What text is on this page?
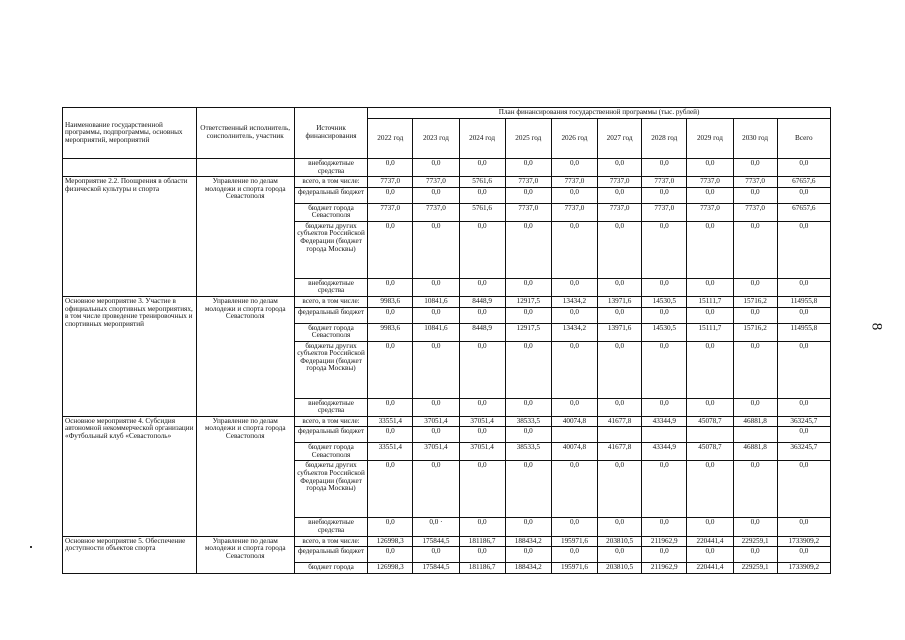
8
Наименование государственной программы, подпрограммы, основных мероприятий, мероприятий	Ответственный исполнитель, соисполнитель, участник	Источник финансирования	План финансирования государственной программы (тыс. рублей)									
			2022 год	2023 год	2024 год	2025 год	2026 год	2027 год	2028 год	2029 год	2030 год	Всего
		внебюджетные средства	0,0	0,0	0,0	0,0	0,0	0,0	0,0	0,0	0,0	0,0
Мероприятие 2.2. Поощрения в области физической культуры и спорта	Управление по делам молодежи и спорта города Севастополя	всего, в том числе:	7737,0	7737,0	5761,6	7737,0	7737,0	7737,0	7737,0	7737,0	7737,0	67657,6
		федеральный бюджет	0,0	0,0	0,0	0,0	0,0	0,0	0,0	0,0	0,0	0,0
		бюджет города Севастополя	7737,0	7737,0	5761,6	7737,0	7737,0	7737,0	7737,0	7737,0	7737,0	67657,6
		бюджеты других субъектов Российской Федерации (бюджет города Москвы)	0,0	0,0	0,0	0,0	0,0	0,0	0,0	0,0	0,0	0,0
		внебюджетные средства	0,0	0,0	0,0	0,0	0,0	0,0	0,0	0,0	0,0	0,0
Основное мероприятие 3. Участие в официальных спортивных мероприятиях, в том числе проведение тренировочных и спортивных мероприятий	Управление по делам молодежи и спорта города Севастополя	всего, в том числе:	9983,6	10841,6	8448,9	12917,5	13434,2	13971,6	14530,5	15111,7	15716,2	114955,8
		федеральный бюджет	0,0	0,0	0,0	0,0	0,0	0,0	0,0	0,0	0,0	0,0
		бюджет города Севастополя	9983,6	10841,6	8448,9	12917,5	13434,2	13971,6	14530,5	15111,7	15716,2	114955,8
		бюджеты других субъектов Российской Федерации (бюджет города Москвы)	0,0	0,0	0,0	0,0	0,0	0,0	0,0	0,0	0,0	0,0
		внебюджетные средства	0,0	0,0	0,0	0,0	0,0	0,0	0,0	0,0	0,0	0,0
Основное мероприятие 4. Субсидия автономной некоммерческой организации «Футбольный клуб «Севастополь»	Управление по делам молодежи и спорта города Севастополя	всего, в том числе:	33551,4	37051,4	37051,4	38533,5	40074,8	41677,8	43344,9	45078,7	46881,8	363245,7
		федеральный бюджет	0,0	0,0	0,0	0,0						0,0
		бюджет города Севастополя	33551,4	37051,4	37051,4	38533,5	40074,8	41677,8	43344,9	45078,7	46881,8	363245,7
		бюджеты других субъектов Российской Федерации (бюджет города Москвы)	0,0	0,0	0,0	0,0	0,0	0,0	0,0	0,0	0,0	0,0
		внебюджетные средства	0,0	0,0 ·	0,0	0,0	0,0	0,0	0,0	0,0	0,0	0,0
Основное мероприятие 5. Обеспечение доступности объектов спорта	Управление по делам молодежи и спорта города Севастополя	всего, в том числе:	126998,3	175844,5	181186,7	188434,2	195971,6	203810,5	211962,9	220441,4	229259,1	1733909,2
		федеральный бюджет	0,0	0,0	0,0	0,0	0,0	0,0	0,0	0,0	0,0	0,0
		бюджет города	126998,3	175844,5	181186,7	188434,2	195971,6	203810,5	211962,9	220441,4	229259,1	1733909,2
